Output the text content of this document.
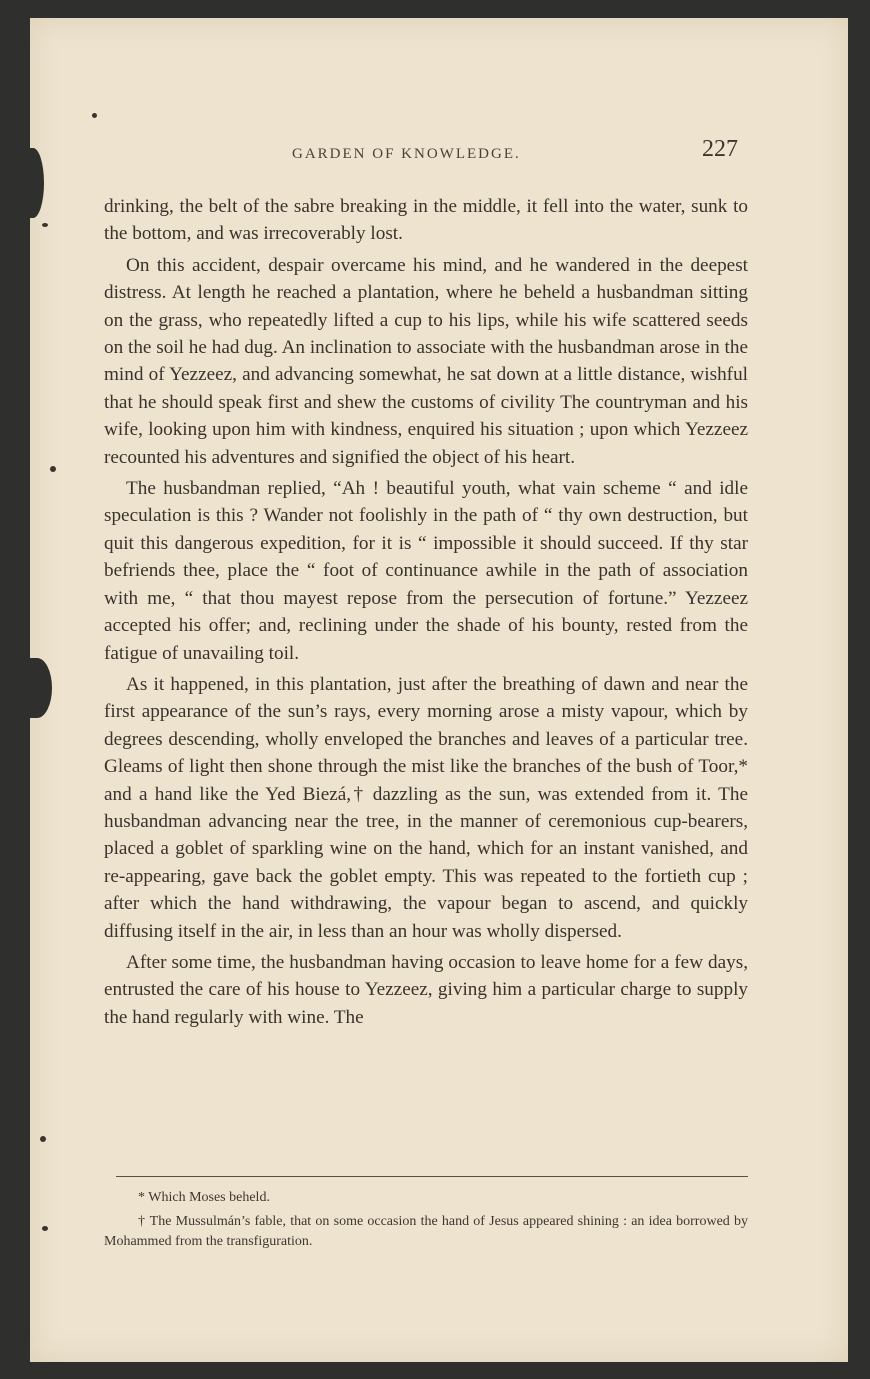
GARDEN OF KNOWLEDGE.	227

drinking, the belt of the sabre breaking in the middle, it fell into the water, sunk to the bottom, and was irrecoverably lost.

On this accident, despair overcame his mind, and he wandered in the deepest distress. At length he reached a plantation, where he beheld a husbandman sitting on the grass, who repeatedly lifted a cup to his lips, while his wife scattered seeds on the soil he had dug. An inclination to associate with the husbandman arose in the mind of Yezzeez, and advancing somewhat, he sat down at a little distance, wishful that he should speak first and shew the customs of civility The countryman and his wife, looking upon him with kindness, enquired his situation ; upon which Yezzeez recounted his adventures and signified the object of his heart.

The husbandman replied, “Ah ! beautiful youth, what vain scheme “ and idle speculation is this ? Wander not foolishly in the path of “ thy own destruction, but quit this dangerous expedition, for it is “ impossible it should succeed. If thy star befriends thee, place the “ foot of continuance awhile in the path of association with me, “ that thou mayest repose from the persecution of fortune.” Yezzeez accepted his offer; and, reclining under the shade of his bounty, rested from the fatigue of unavailing toil.

As it happened, in this plantation, just after the breathing of dawn and near the first appearance of the sun’s rays, every morning arose a misty vapour, which by degrees descending, wholly enveloped the branches and leaves of a particular tree. Gleams of light then shone through the mist like the branches of the bush of Toor,* and a hand like the Yed Biezá,† dazzling as the sun, was extended from it. The husbandman advancing near the tree, in the manner of ceremonious cup-bearers, placed a goblet of sparkling wine on the hand, which for an instant vanished, and re-appearing, gave back the goblet empty. This was repeated to the fortieth cup ; after which the hand withdrawing, the vapour began to ascend, and quickly diffusing itself in the air, in less than an hour was wholly dispersed.

After some time, the husbandman having occasion to leave home for a few days, entrusted the care of his house to Yezzeez, giving him a particular charge to supply the hand regularly with wine. The

* Which Moses beheld.

† The Mussulmán’s fable, that on some occasion the hand of Jesus appeared shining : an idea borrowed by Mohammed from the transfiguration.
